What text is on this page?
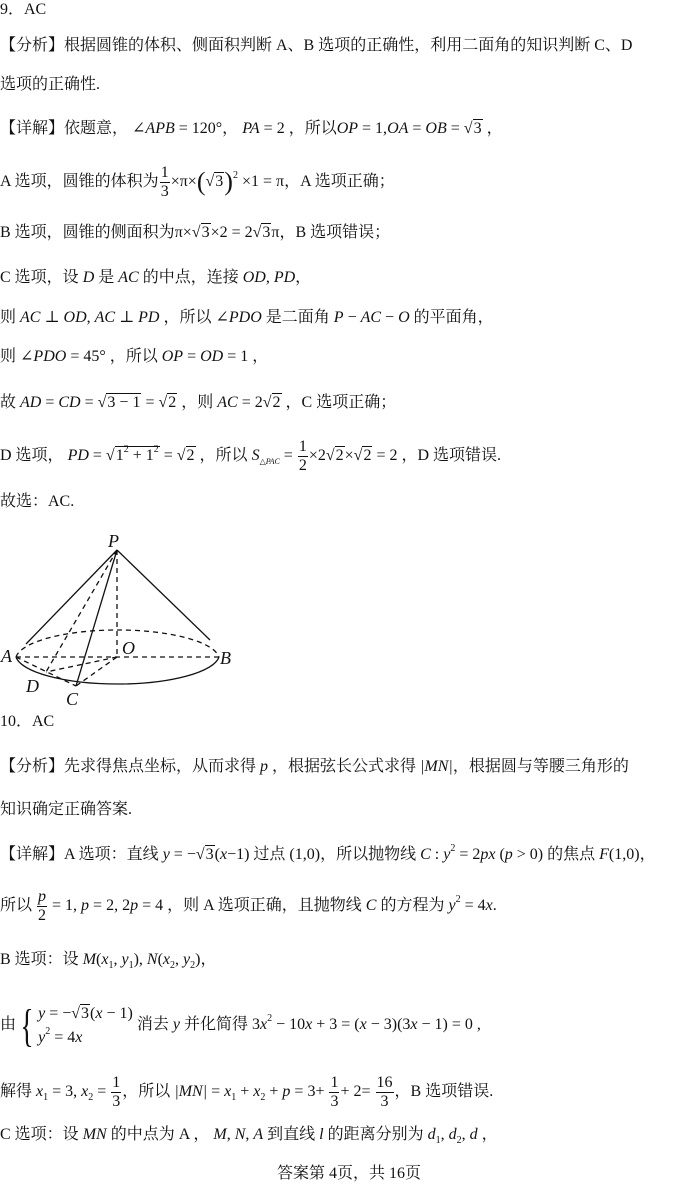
9．AC
【分析】根据圆锥的体积、侧面积判断 A、B 选项的正确性，利用二面角的知识判断 C、D
选项的正确性.
【详解】依题意， ∠APB = 120°， PA = 2 ，所以OP = 1,OA = OB = √3 ，
A 选项，圆锥的体积为 $\frac{1}{3} \times\pi\times(√3)^2 \times 1 = \pi$，A 选项正确；
B 选项，圆锥的侧面积为π×√3×2 = 2√3π，B 选项错误；
C 选项，设 D 是 AC 的中点，连接 OD, PD，
则 AC ⊥ OD, AC ⊥ PD ，所以 ∠PDO 是二面角 P − AC − O 的平面角，
则 ∠PDO = 45° ，所以 OP = OD = 1 ，
故 AD = CD = √3 − 1 = √2 ，则 AC = 2√2 ，C 选项正确；
D 选项， PD = $√1^2 + 1^2 = √2$ ，所以 $S_{\triangle PAC} = \frac{1}{2} \times 2√2\times√2 = 2$ ，D 选项错误.
故选：AC.
P
A	B
O
D
C
10．AC
【分析】先求得焦点坐标，从而求得 p ，根据弦长公式求得 |MN|，根据圆与等腰三角形的
知识确定正确答案.
【详解】A 选项：直线 y = −√3(x−1) 过点 (1,0)，所以抛物线 C : $y^2 = 2px$ (p > 0) 的焦点 F(1,0)，
所以 $\frac{p}{2} = 1$, p = 2, 2p = 4 ，则 A 选项正确，且抛物线 C 的方程为 $y^2 = 4x$.
B 选项：设 $M(x_1$, $y_1$), $N(x_2$, $y_2$)，
由{ y = −√3(x − 1)
$y^2 = 4x$
消去 y 并化简得 $3x^2 - 10x + 3 = (x - 3)(3x - 1) = 0$ ,
解得 $x_1 = 3$, $x_2 = \frac{1}{3}$ ，所以 $|MN| = x_1 + x_2 + p = 3+ \frac{1}{3} + 2= \frac{16}{3}$ ，B 选项错误.
C 选项：设 MN 的中点为 A ， M, N, A 到直线 l 的距离分别为 $d_1$, $d_2$, d ，
答案第 4页，共 16页
